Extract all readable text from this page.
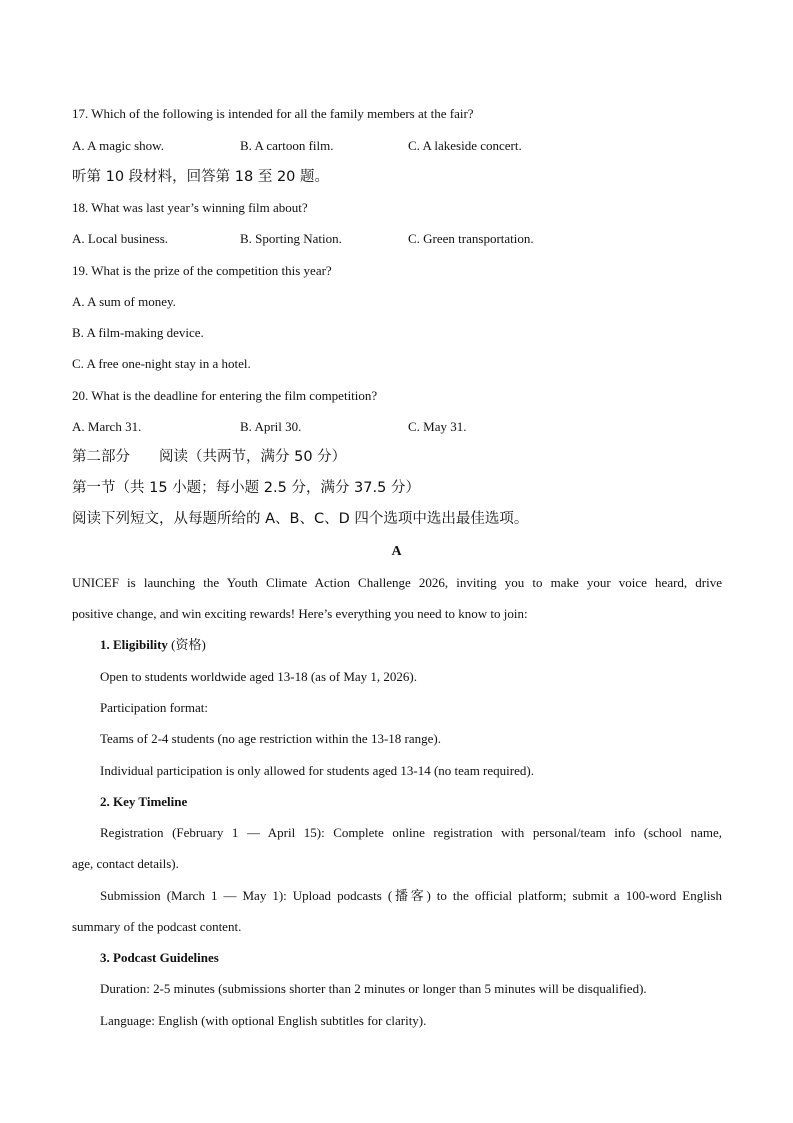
17. Which of the following is intended for all the family members at the fair?
A. A magic show.	B. A cartoon film.	C. A lakeside concert.
听第 10 段材料，回答第 18 至 20 题。
18. What was last year’s winning film about?
A. Local business.	B. Sporting Nation.	C. Green transportation.
19. What is the prize of the competition this year?
A. A sum of money.
B. A film-making device.
C. A free one-night stay in a hotel.
20. What is the deadline for entering the film competition?
A. March 31.	B. April 30.	C. May 31.
第二部分　　阅读（共两节，满分 50 分）
第一节（共 15 小题；每小题 2.5 分，满分 37.5 分）
阅读下列短文，从每题所给的 A、B、C、D 四个选项中选出最佳选项。
A
UNICEF is launching the Youth Climate Action Challenge 2026, inviting you to make your voice heard, drive
positive change, and win exciting rewards! Here’s everything you need to know to join:
1. Eligibility (资格)
Open to students worldwide aged 13-18 (as of May 1, 2026).
Participation format:
Teams of 2-4 students (no age restriction within the 13-18 range).
Individual participation is only allowed for students aged 13-14 (no team required).
2. Key Timeline
Registration (February 1 — April 15): Complete online registration with personal/team info (school name,
age, contact details).
Submission (March 1 — May 1): Upload podcasts (播客) to the official platform; submit a 100-word English
summary of the podcast content.
3. Podcast Guidelines
Duration: 2-5 minutes (submissions shorter than 2 minutes or longer than 5 minutes will be disqualified).
Language: English (with optional English subtitles for clarity).
